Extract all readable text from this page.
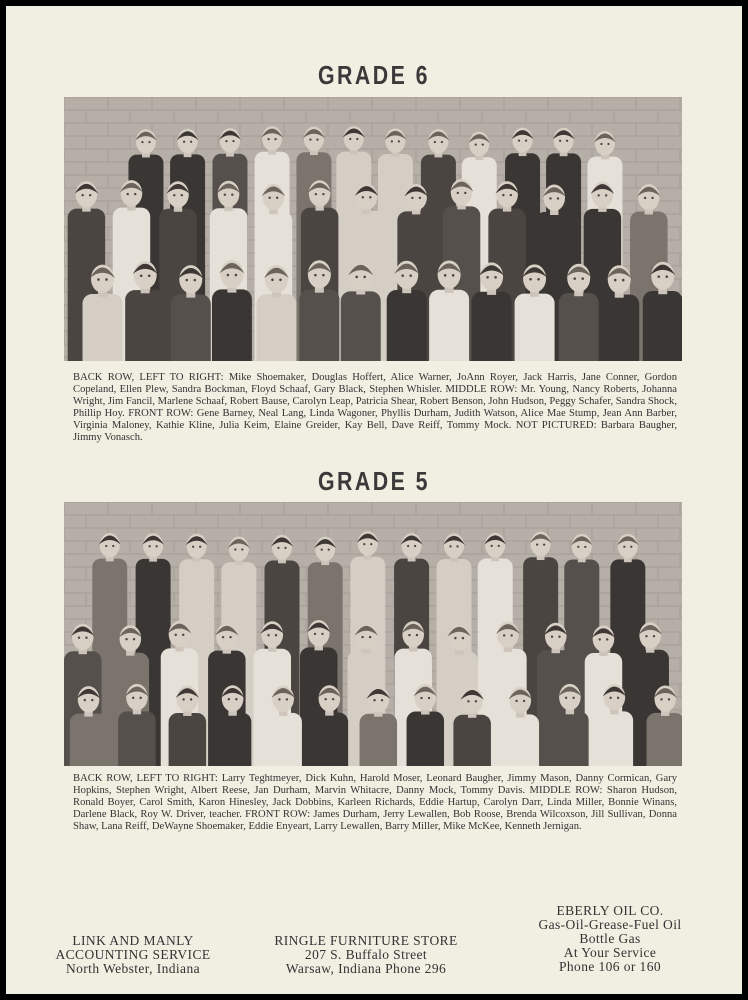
GRADE 6
BACK ROW, LEFT TO RIGHT: Mike Shoemaker, Douglas Hoffert, Alice Warner, JoAnn Royer, Jack Harris, Jane Conner, Gordon Copeland, Ellen Plew, Sandra Bockman, Floyd Schaaf, Gary Black, Stephen Whisler. MIDDLE ROW: Mr. Young, Nancy Roberts, Johanna Wright, Jim Fancil, Marlene Schaaf, Robert Bause, Carolyn Leap, Patricia Shear, Robert Benson, John Hudson, Peggy Schafer, Sandra Shock, Phillip Hoy. FRONT ROW: Gene Barney, Neal Lang, Linda Wagoner, Phyllis Durham, Judith Watson, Alice Mae Stump, Jean Ann Barber, Virginia Maloney, Kathie Kline, Julia Keim, Elaine Greider, Kay Bell, Dave Reiff, Tommy Mock. NOT PICTURED: Barbara Baugher, Jimmy Vonasch.
GRADE 5
BACK ROW, LEFT TO RIGHT: Larry Teghtmeyer, Dick Kuhn, Harold Moser, Leonard Baugher, Jimmy Mason, Danny Cormican, Gary Hopkins, Stephen Wright, Albert Reese, Jan Durham, Marvin Whitacre, Danny Mock, Tommy Davis. MIDDLE ROW: Sharon Hudson, Ronald Boyer, Carol Smith, Karon Hinesley, Jack Dobbins, Karleen Richards, Eddie Hartup, Carolyn Darr, Linda Miller, Bonnie Winans, Darlene Black, Roy W. Driver, teacher. FRONT ROW: James Durham, Jerry Lewallen, Bob Roose, Brenda Wilcoxson, Jill Sullivan, Donna Shaw, Lana Reiff, DeWayne Shoemaker, Eddie Enyeart, Larry Lewallen, Barry Miller, Mike McKee, Kenneth Jernigan.
LINK AND MANLY
ACCOUNTING SERVICE
North Webster, Indiana
RINGLE FURNITURE STORE
207 S. Buffalo Street
Warsaw, Indiana Phone 296
EBERLY OIL CO.
Gas-Oil-Grease-Fuel Oil
Bottle Gas
At Your Service
Phone 106 or 160
